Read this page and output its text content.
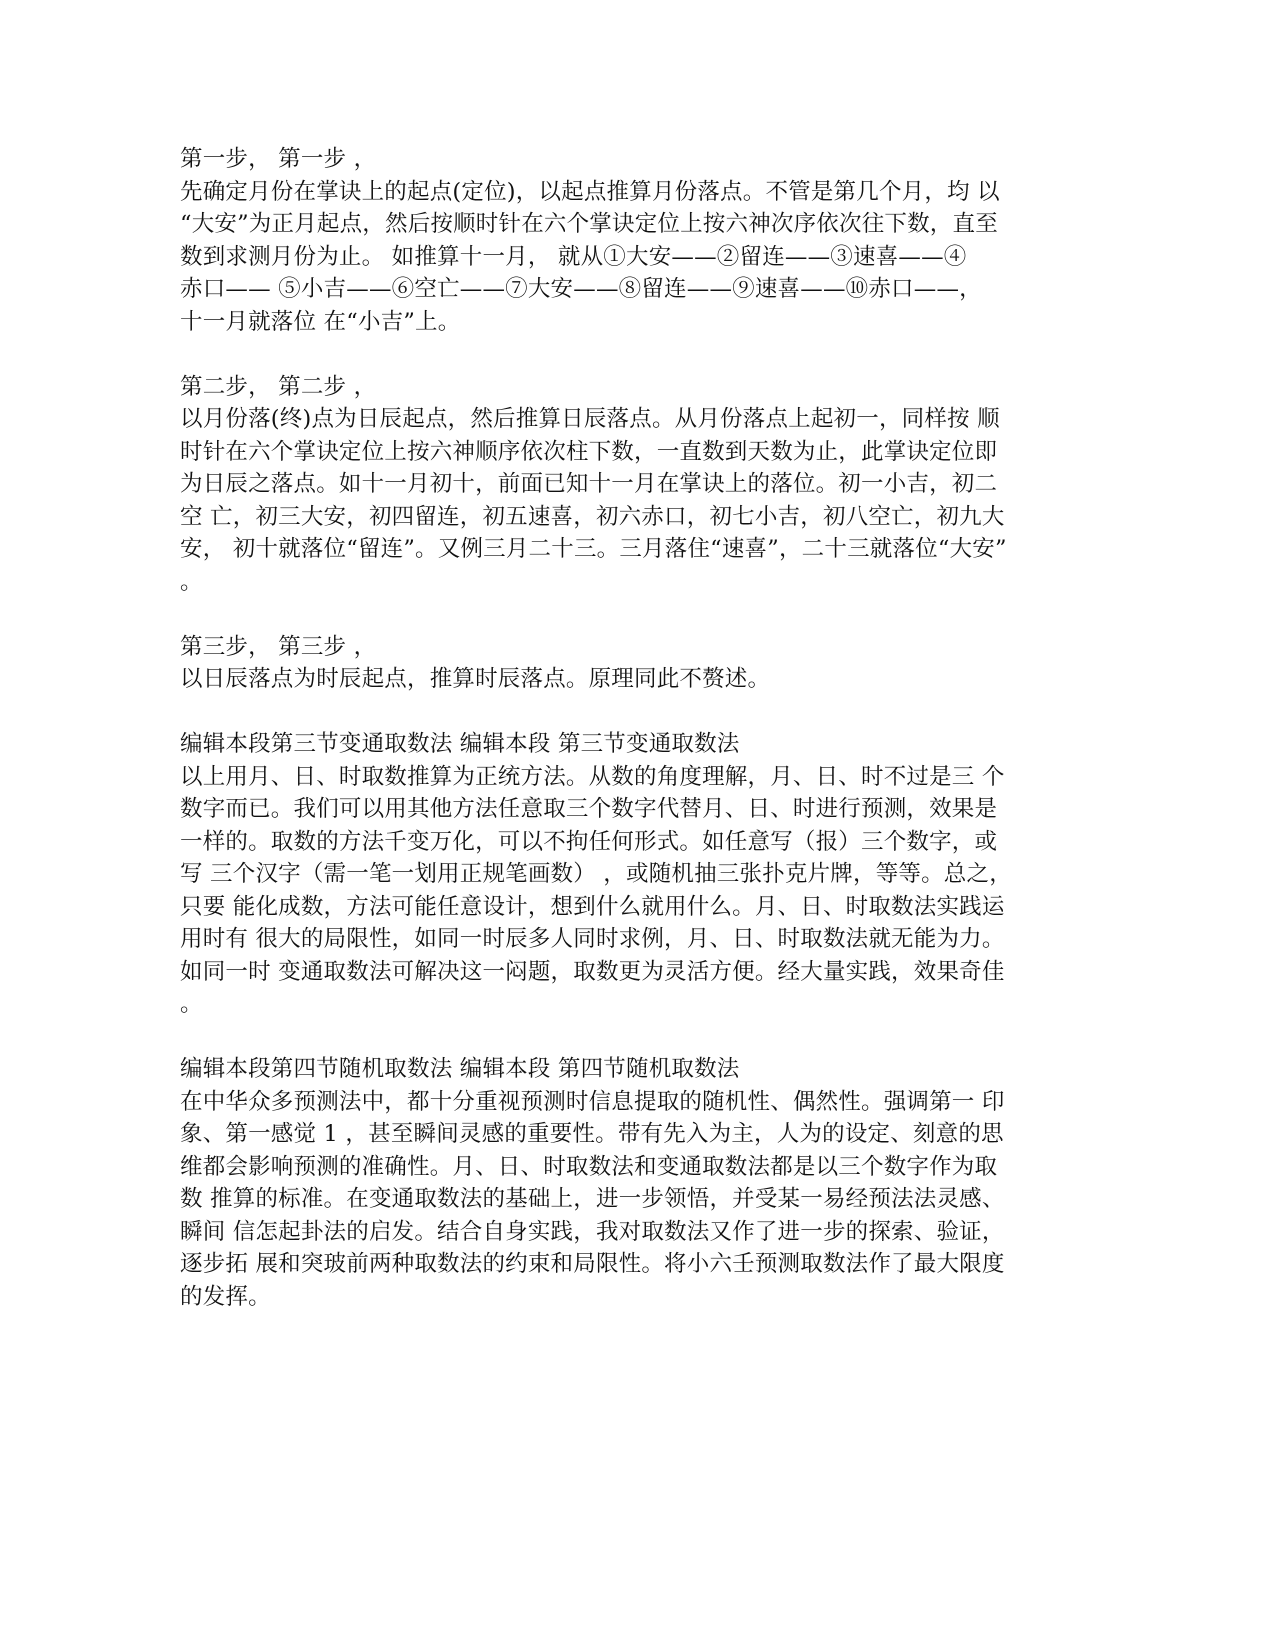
第一步， 第一步 ，
先确定月份在掌诀上的起点(定位)，以起点推算月份落点。不管是第几个月，均 以
“大安”为正月起点，然后按顺时针在六个掌诀定位上按六神次序依次往下数，直至
数到求测月份为止。 如推算十一月， 就从①大安——②留连——③速喜——④
赤口—— ⑤小吉——⑥空亡——⑦大安——⑧留连——⑨速喜——⑩赤口——，
十一月就落位 在“小吉”上。
第二步， 第二步 ，
以月份落(终)点为日辰起点，然后推算日辰落点。从月份落点上起初一，同样按 顺
时针在六个掌诀定位上按六神顺序依次柱下数，一直数到天数为止，此掌诀定位即
为日辰之落点。如十一月初十，前面已知十一月在掌诀上的落位。初一小吉，初二
空 亡，初三大安，初四留连，初五速喜，初六赤口，初七小吉，初八空亡，初九大
安， 初十就落位“留连”。又例三月二十三。三月落住“速喜”，二十三就落位“大安”
。
第三步， 第三步 ，
以日辰落点为时辰起点，推算时辰落点。原理同此不赘述。
编辑本段第三节变通取数法 编辑本段 第三节变通取数法
以上用月、日、时取数推算为正统方法。从数的角度理解，月、日、时不过是三 个
数字而已。我们可以用其他方法任意取三个数字代替月、日、时进行预测，效果是
一样的。取数的方法千变万化，可以不拘任何形式。如任意写（报）三个数字，或
写 三个汉字（需一笔一划用正规笔画数） ，或随机抽三张扑克片牌，等等。总之，
只要 能化成数，方法可能任意设计，想到什么就用什么。月、日、时取数法实践运
用时有 很大的局限性，如同一时辰多人同时求例，月、日、时取数法就无能为力。
如同一时 变通取数法可解决这一闷题，取数更为灵活方便。经大量实践，效果奇佳
。
编辑本段第四节随机取数法 编辑本段 第四节随机取数法
在中华众多预测法中，都十分重视预测时信息提取的随机性、偶然性。强调第一 印
象、第一感觉 1 ，甚至瞬间灵感的重要性。带有先入为主，人为的设定、刻意的思
维都会影响预测的准确性。月、日、时取数法和变通取数法都是以三个数字作为取
数 推算的标准。在变通取数法的基础上，进一步领悟，并受某一易经预法法灵感、
瞬间 信怎起卦法的启发。结合自身实践，我对取数法又作了进一步的探索、验证，
逐步拓 展和突玻前两种取数法的约束和局限性。将小六壬预测取数法作了最大限度
的发挥。
